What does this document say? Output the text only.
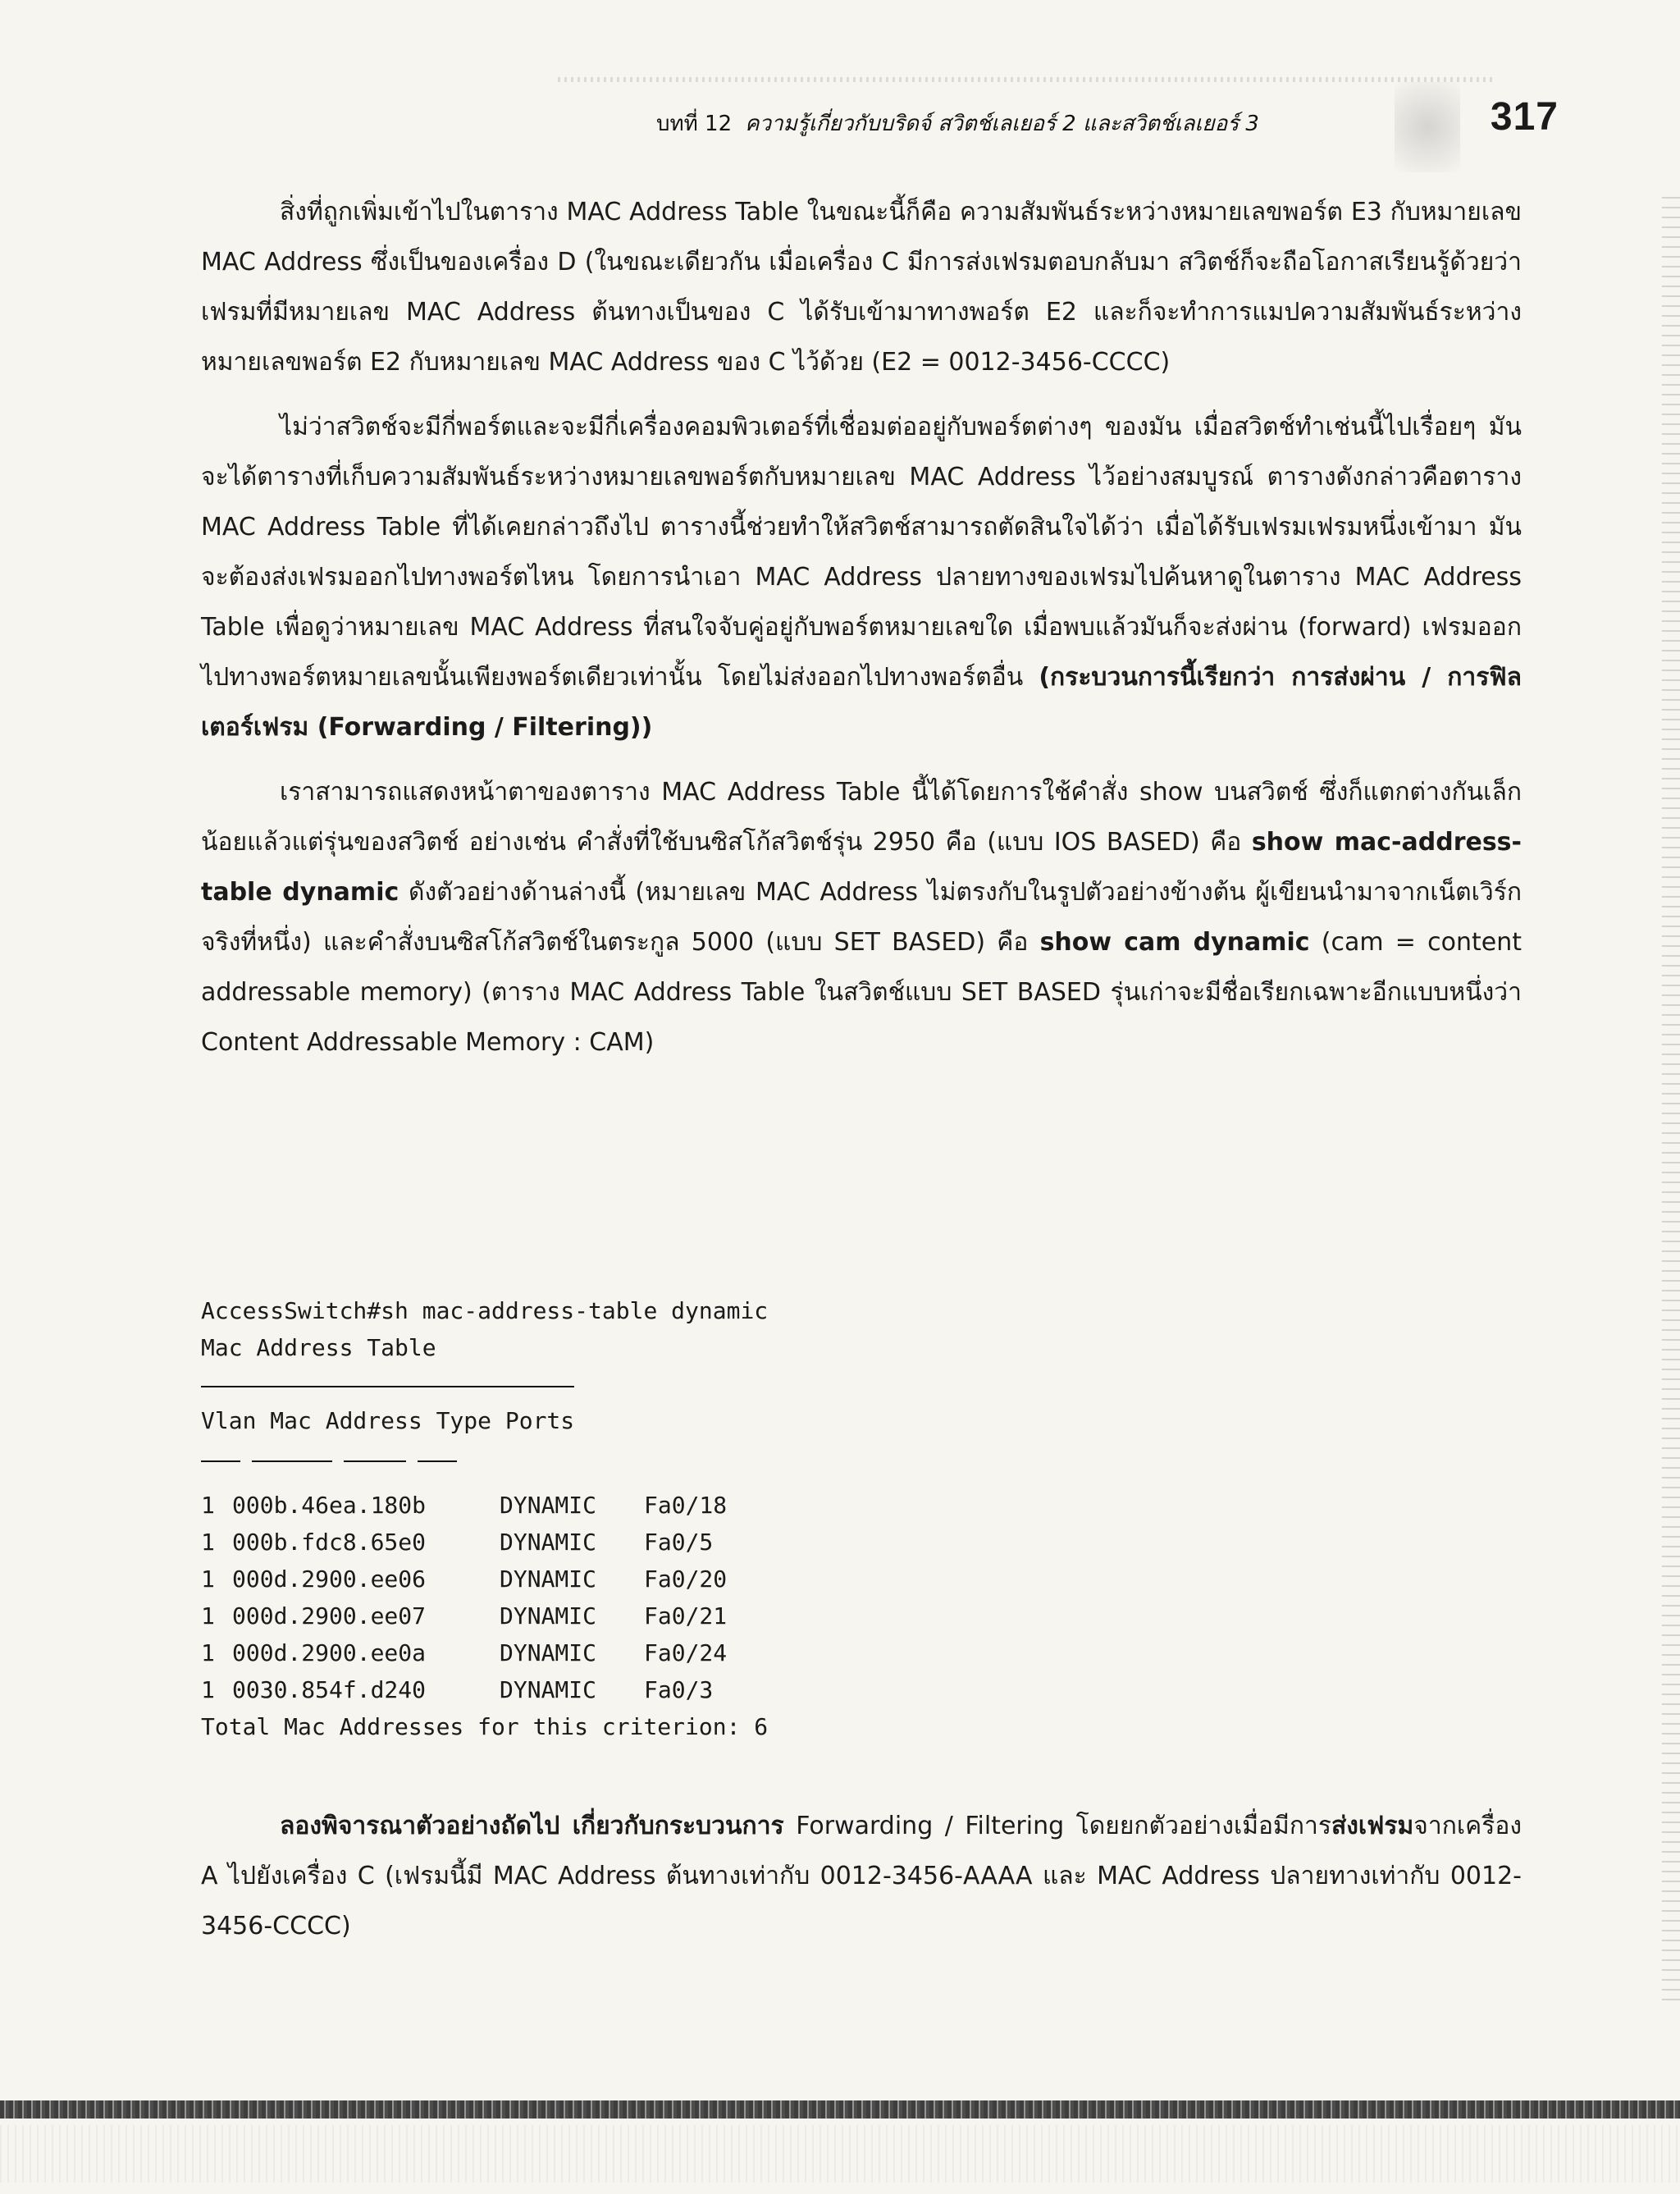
บทที่ 12 ความรู้เกี่ยวกับบริดจ์ สวิตช์เลเยอร์ 2 และสวิตช์เลเยอร์ 3	317

สิ่งที่ถูกเพิ่มเข้าไปในตาราง MAC Address Table ในขณะนี้ก็คือ ความสัมพันธ์ระหว่างหมายเลขพอร์ต E3 กับหมายเลข MAC Address ซึ่งเป็นของเครื่อง D (ในขณะเดียวกัน เมื่อเครื่อง C มีการส่งเฟรมตอบกลับมา สวิตช์ก็จะถือโอกาสเรียนรู้ด้วยว่าเฟรมที่มีหมายเลข MAC Address ต้นทางเป็นของ C ได้รับเข้ามาทางพอร์ต E2 และก็จะทำการแมปความสัมพันธ์ระหว่างหมายเลขพอร์ต E2 กับหมายเลข MAC Address ของ C ไว้ด้วย (E2 = 0012-3456-CCCC)

ไม่ว่าสวิตช์จะมีกี่พอร์ตและจะมีกี่เครื่องคอมพิวเตอร์ที่เชื่อมต่ออยู่กับพอร์ตต่างๆ ของมัน เมื่อสวิตช์ทำเช่นนี้ไปเรื่อยๆ มันจะได้ตารางที่เก็บความสัมพันธ์ระหว่างหมายเลขพอร์ตกับหมายเลข MAC Address ไว้อย่างสมบูรณ์ ตารางดังกล่าวคือตาราง MAC Address Table ที่ได้เคยกล่าวถึงไป ตารางนี้ช่วยทำให้สวิตช์สามารถตัดสินใจได้ว่า เมื่อได้รับเฟรมเฟรมหนึ่งเข้ามา มันจะต้องส่งเฟรมออกไปทางพอร์ตไหน โดยการนำเอา MAC Address ปลายทางของเฟรมไปค้นหาดูในตาราง MAC Address Table เพื่อดูว่าหมายเลข MAC Address ที่สนใจจับคู่อยู่กับพอร์ตหมายเลขใด เมื่อพบแล้วมันก็จะส่งผ่าน (forward) เฟรมออกไปทางพอร์ตหมายเลขนั้นเพียงพอร์ตเดียวเท่านั้น โดยไม่ส่งออกไปทางพอร์ตอื่น (กระบวนการนี้เรียกว่า การส่งผ่าน / การฟิลเตอร์เฟรม (Forwarding / Filtering))

เราสามารถแสดงหน้าตาของตาราง MAC Address Table นี้ได้โดยการใช้คำสั่ง show บนสวิตช์ ซึ่งก็แตกต่างกันเล็กน้อยแล้วแต่รุ่นของสวิตช์ อย่างเช่น คำสั่งที่ใช้บนซิสโก้สวิตช์รุ่น 2950 คือ (แบบ IOS BASED) คือ show mac-address-table dynamic ดังตัวอย่างด้านล่างนี้ (หมายเลข MAC Address ไม่ตรงกับในรูปตัวอย่างข้างต้น ผู้เขียนนำมาจากเน็ตเวิร์กจริงที่หนึ่ง) และคำสั่งบนซิสโก้สวิตช์ในตระกูล 5000 (แบบ SET BASED) คือ show cam dynamic (cam = content addressable memory) (ตาราง MAC Address Table ในสวิตช์แบบ SET BASED รุ่นเก่าจะมีชื่อเรียกเฉพาะอีกแบบหนึ่งว่า Content Addressable Memory : CAM)

AccessSwitch#sh mac-address-table dynamic
Mac Address Table
Vlan Mac Address Type Ports
1 000b.46ea.180b	DYNAMIC	Fa0/18
1 000b.fdc8.65e0	DYNAMIC	Fa0/5
1 000d.2900.ee06	DYNAMIC	Fa0/20
1 000d.2900.ee07	DYNAMIC	Fa0/21
1 000d.2900.ee0a	DYNAMIC	Fa0/24
1 0030.854f.d240	DYNAMIC	Fa0/3
Total Mac Addresses for this criterion: 6

ลองพิจารณาตัวอย่างถัดไป เกี่ยวกับกระบวนการ Forwarding / Filtering โดยยกตัวอย่างเมื่อมีการส่งเฟรมจากเครื่อง A ไปยังเครื่อง C (เฟรมนี้มี MAC Address ต้นทางเท่ากับ 0012-3456-AAAA และ MAC Address ปลายทางเท่ากับ 0012-3456-CCCC)
